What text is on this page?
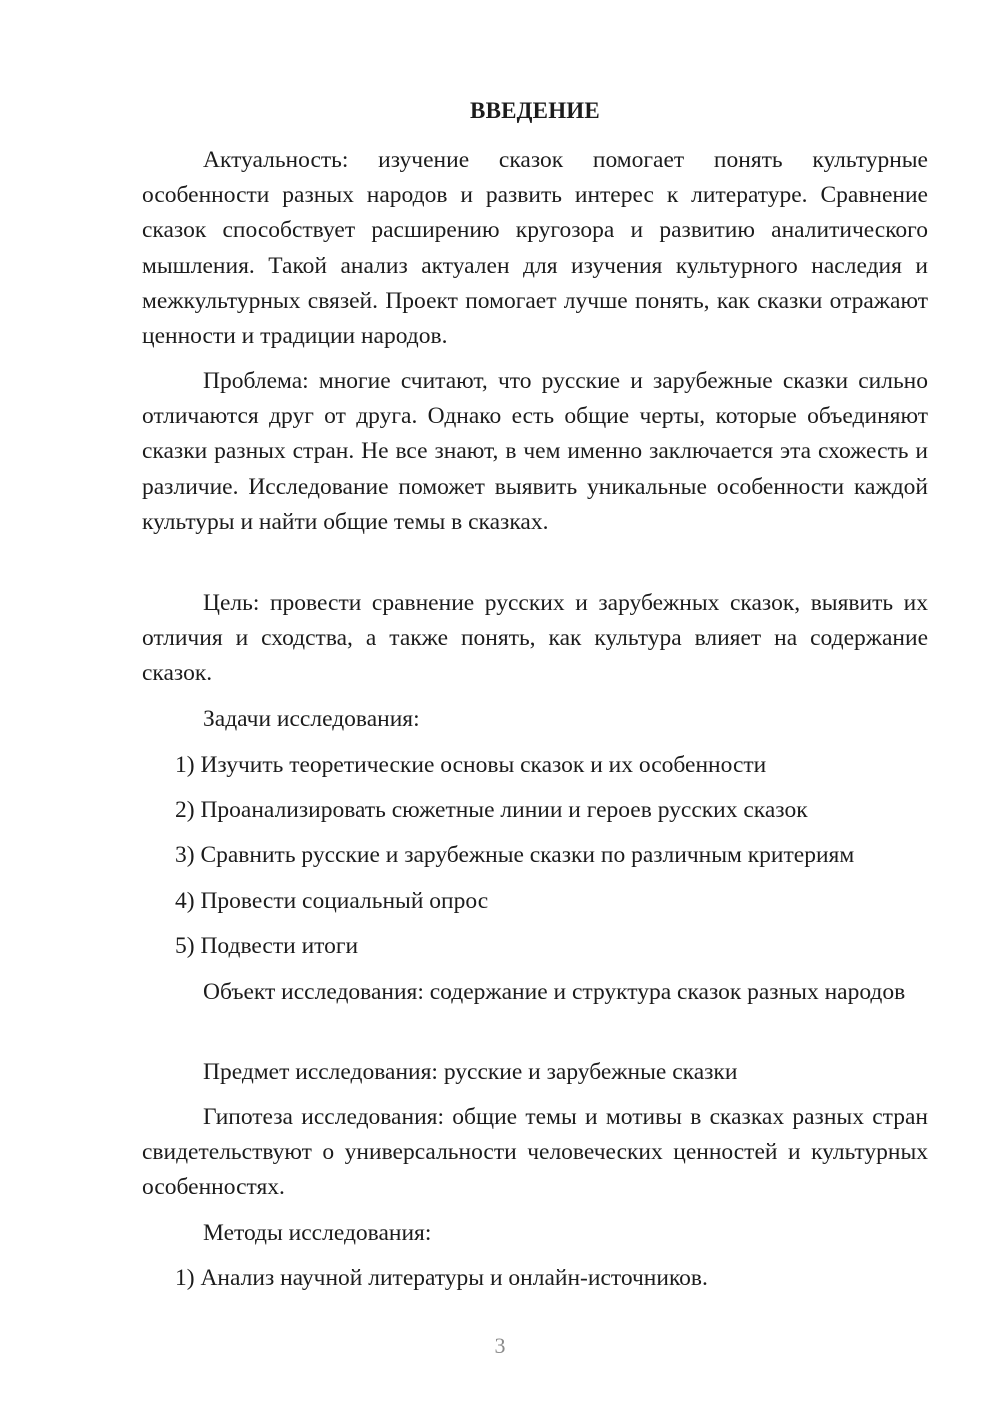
ВВЕДЕНИЕ

Актуальность: изучение сказок помогает понять культурные особенности разных народов и развить интерес к литературе. Сравнение сказок способствует расширению кругозора и развитию аналитического мышления. Такой анализ актуален для изучения культурного наследия и межкультурных связей. Проект помогает лучше понять, как сказки отражают ценности и традиции народов.

Проблема: многие считают, что русские и зарубежные сказки сильно отличаются друг от друга. Однако есть общие черты, которые объединяют сказки разных стран. Не все знают, в чем именно заключается эта схожесть и различие. Исследование поможет выявить уникальные особенности каждой культуры и найти общие темы в сказках.

Цель: провести сравнение русских и зарубежных сказок, выявить их отличия и сходства, а также понять, как культура влияет на содержание сказок.

Задачи исследования:

1) Изучить теоретические основы сказок и их особенности

2) Проанализировать сюжетные линии и героев русских сказок

3) Сравнить русские и зарубежные сказки по различным критериям

4) Провести социальный опрос

5) Подвести итоги

Объект исследования: содержание и структура сказок разных народов

Предмет исследования: русские и зарубежные сказки

Гипотеза исследования: общие темы и мотивы в сказках разных стран свидетельствуют о универсальности человеческих ценностей и культурных особенностях.

Методы исследования:

1) Анализ научной литературы и онлайн-источников.

3
